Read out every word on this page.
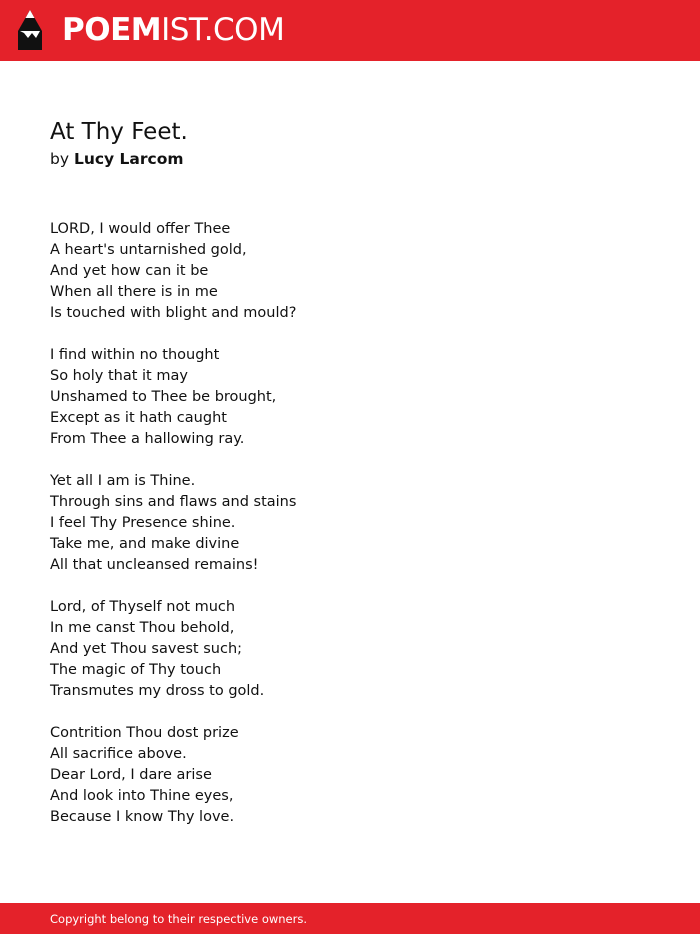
POEMIST.COM
At Thy Feet.
by Lucy Larcom
LORD, I would offer Thee
A heart's untarnished gold,
And yet how can it be
When all there is in me
Is touched with blight and mould?
I find within no thought
So holy that it may
Unshamed to Thee be brought,
Except as it hath caught
From Thee a hallowing ray.
Yet all I am is Thine.
Through sins and flaws and stains
I feel Thy Presence shine.
Take me, and make divine
All that uncleansed remains!
Lord, of Thyself not much
In me canst Thou behold,
And yet Thou savest such;
The magic of Thy touch
Transmutes my dross to gold.
Contrition Thou dost prize
All sacrifice above.
Dear Lord, I dare arise
And look into Thine eyes,
Because I know Thy love.
Copyright belong to their respective owners.
